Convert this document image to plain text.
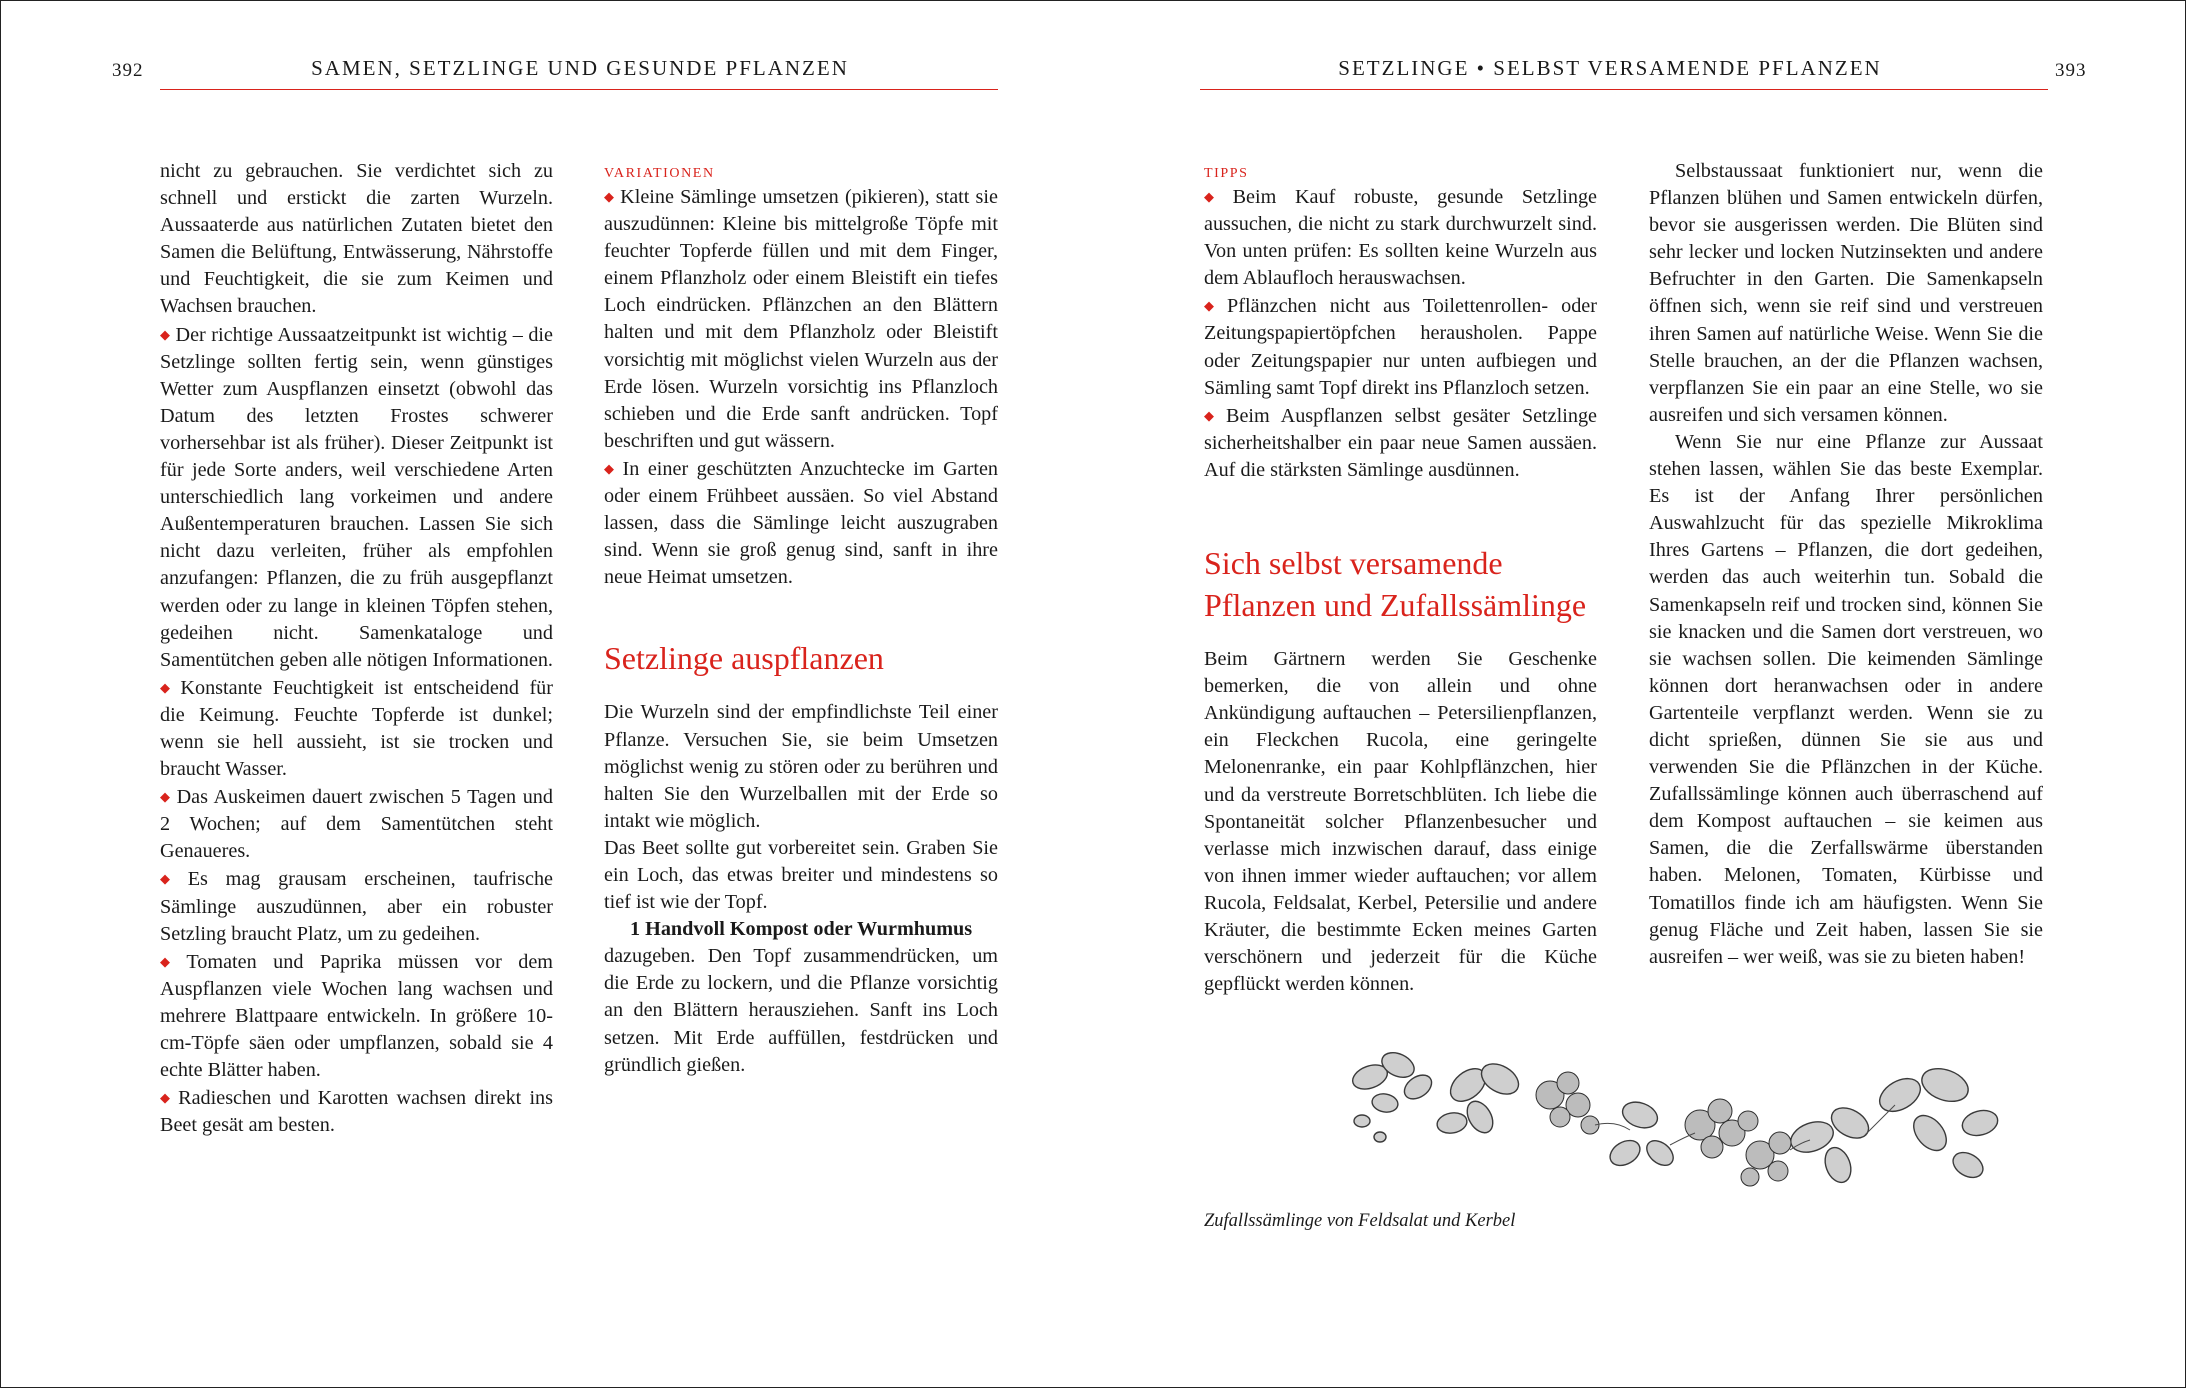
392	SAMEN, SETZLINGE UND GESUNDE PFLANZEN

nicht zu gebrauchen. Sie verdichtet sich zu schnell und erstickt die zarten Wurzeln. Aussaaterde aus natürlichen Zutaten bietet den Samen die Belüftung, Entwässerung, Nährstoffe und Feuchtigkeit, die sie zum Keimen und Wachsen brauchen.

◆ Der richtige Aussaatzeitpunkt ist wichtig – die Setzlinge sollten fertig sein, wenn günstiges Wetter zum Auspflanzen einsetzt (obwohl das Datum des letzten Frostes schwerer vorhersehbar ist als früher). Dieser Zeitpunkt ist für jede Sorte anders, weil verschiedene Arten unterschiedlich lang vorkeimen und andere Außentemperaturen brauchen. Lassen Sie sich nicht dazu verleiten, früher als empfohlen anzufangen: Pflanzen, die zu früh ausgepflanzt werden oder zu lange in kleinen Töpfen stehen, gedeihen nicht. Samenkataloge und Samentütchen geben alle nötigen Informationen.

◆ Konstante Feuchtigkeit ist entscheidend für die Keimung. Feuchte Topferde ist dunkel; wenn sie hell aussieht, ist sie trocken und braucht Wasser.

◆ Das Auskeimen dauert zwischen 5 Tagen und 2 Wochen; auf dem Samentütchen steht Genaueres.

◆ Es mag grausam erscheinen, taufrische Sämlinge auszudünnen, aber ein robuster Setzling braucht Platz, um zu gedeihen.

◆ Tomaten und Paprika müssen vor dem Auspflanzen viele Wochen lang wachsen und mehrere Blattpaare entwickeln. In größere 10-cm-Töpfe säen oder umpflanzen, sobald sie 4 echte Blätter haben.

◆ Radieschen und Karotten wachsen direkt ins Beet gesät am besten.

VARIATIONEN

◆ Kleine Sämlinge umsetzen (pikieren), statt sie auszudünnen: Kleine bis mittelgroße Töpfe mit feuchter Topferde füllen und mit dem Finger, einem Pflanzholz oder einem Bleistift ein tiefes Loch eindrücken. Pflänzchen an den Blättern halten und mit dem Pflanzholz oder Bleistift vorsichtig mit möglichst vielen Wurzeln aus der Erde lösen. Wurzeln vorsichtig ins Pflanzloch schieben und die Erde sanft andrücken. Topf beschriften und gut wässern.

◆ In einer geschützten Anzuchtecke im Garten oder einem Frühbeet aussäen. So viel Abstand lassen, dass die Sämlinge leicht auszugraben sind. Wenn sie groß genug sind, sanft in ihre neue Heimat umsetzen.

Setzlinge auspflanzen

Die Wurzeln sind der empfindlichste Teil einer Pflanze. Versuchen Sie, sie beim Umsetzen möglichst wenig zu stören oder zu berühren und halten Sie den Wurzelballen mit der Erde so intakt wie möglich.

Das Beet sollte gut vorbereitet sein. Graben Sie ein Loch, das etwas breiter und mindestens so tief ist wie der Topf.

1 Handvoll Kompost oder Wurmhumus
dazugeben. Den Topf zusammendrücken, um die Erde zu lockern, und die Pflanze vorsichtig an den Blättern herausziehen. Sanft ins Loch setzen. Mit Erde auffüllen, festdrücken und gründlich gießen.

SETZLINGE • SELBST VERSAMENDE PFLANZEN	393

TIPPS

◆ Beim Kauf robuste, gesunde Setzlinge aussuchen, die nicht zu stark durchwurzelt sind. Von unten prüfen: Es sollten keine Wurzeln aus dem Ablaufloch herauswachsen.

◆ Pflänzchen nicht aus Toilettenrollen- oder Zeitungspapiertöpfchen herausholen. Pappe oder Zeitungspapier nur unten aufbiegen und Sämling samt Topf direkt ins Pflanzloch setzen.

◆ Beim Auspflanzen selbst gesäter Setzlinge sicherheitshalber ein paar neue Samen aussäen. Auf die stärksten Sämlinge ausdünnen.

Sich selbst versamende
Pflanzen und Zufallssämlinge

Beim Gärtnern werden Sie Geschenke bemerken, die von allein und ohne Ankündigung auftauchen – Petersilienpflanzen, ein Fleckchen Rucola, eine geringelte Melonenranke, ein paar Kohlpflänzchen, hier und da verstreute Borretschblüten. Ich liebe die Spontaneität solcher Pflanzenbesucher und verlasse mich inzwischen darauf, dass einige von ihnen immer wieder auftauchen; vor allem Rucola, Feldsalat, Kerbel, Petersilie und andere Kräuter, die bestimmte Ecken meines Garten verschönern und jederzeit für die Küche gepflückt werden können.

Selbstaussaat funktioniert nur, wenn die Pflanzen blühen und Samen entwickeln dürfen, bevor sie ausgerissen werden. Die Blüten sind sehr lecker und locken Nutzinsekten und andere Befruchter in den Garten. Die Samenkapseln öffnen sich, wenn sie reif sind und verstreuen ihren Samen auf natürliche Weise. Wenn Sie die Stelle brauchen, an der die Pflanzen wachsen, verpflanzen Sie ein paar an eine Stelle, wo sie ausreifen und sich versamen können.

Wenn Sie nur eine Pflanze zur Aussaat stehen lassen, wählen Sie das beste Exemplar. Es ist der Anfang Ihrer persönlichen Auswahlzucht für das spezielle Mikroklima Ihres Gartens – Pflanzen, die dort gedeihen, werden das auch weiterhin tun. Sobald die Samenkapseln reif und trocken sind, können Sie sie knacken und die Samen dort verstreuen, wo sie wachsen sollen. Die keimenden Sämlinge können dort heranwachsen oder in andere Gartenteile verpflanzt werden. Wenn sie zu dicht sprießen, dünnen Sie sie aus und verwenden Sie die Pflänzchen in der Küche. Zufallssämlinge können auch überraschend auf dem Kompost auftauchen – sie keimen aus Samen, die die Zerfallswärme überstanden haben. Melonen, Tomaten, Kürbisse und Tomatillos finde ich am häufigsten. Wenn Sie genug Fläche und Zeit haben, lassen Sie sie ausreifen – wer weiß, was sie zu bieten haben!

Zufallssämlinge von Feldsalat und Kerbel
